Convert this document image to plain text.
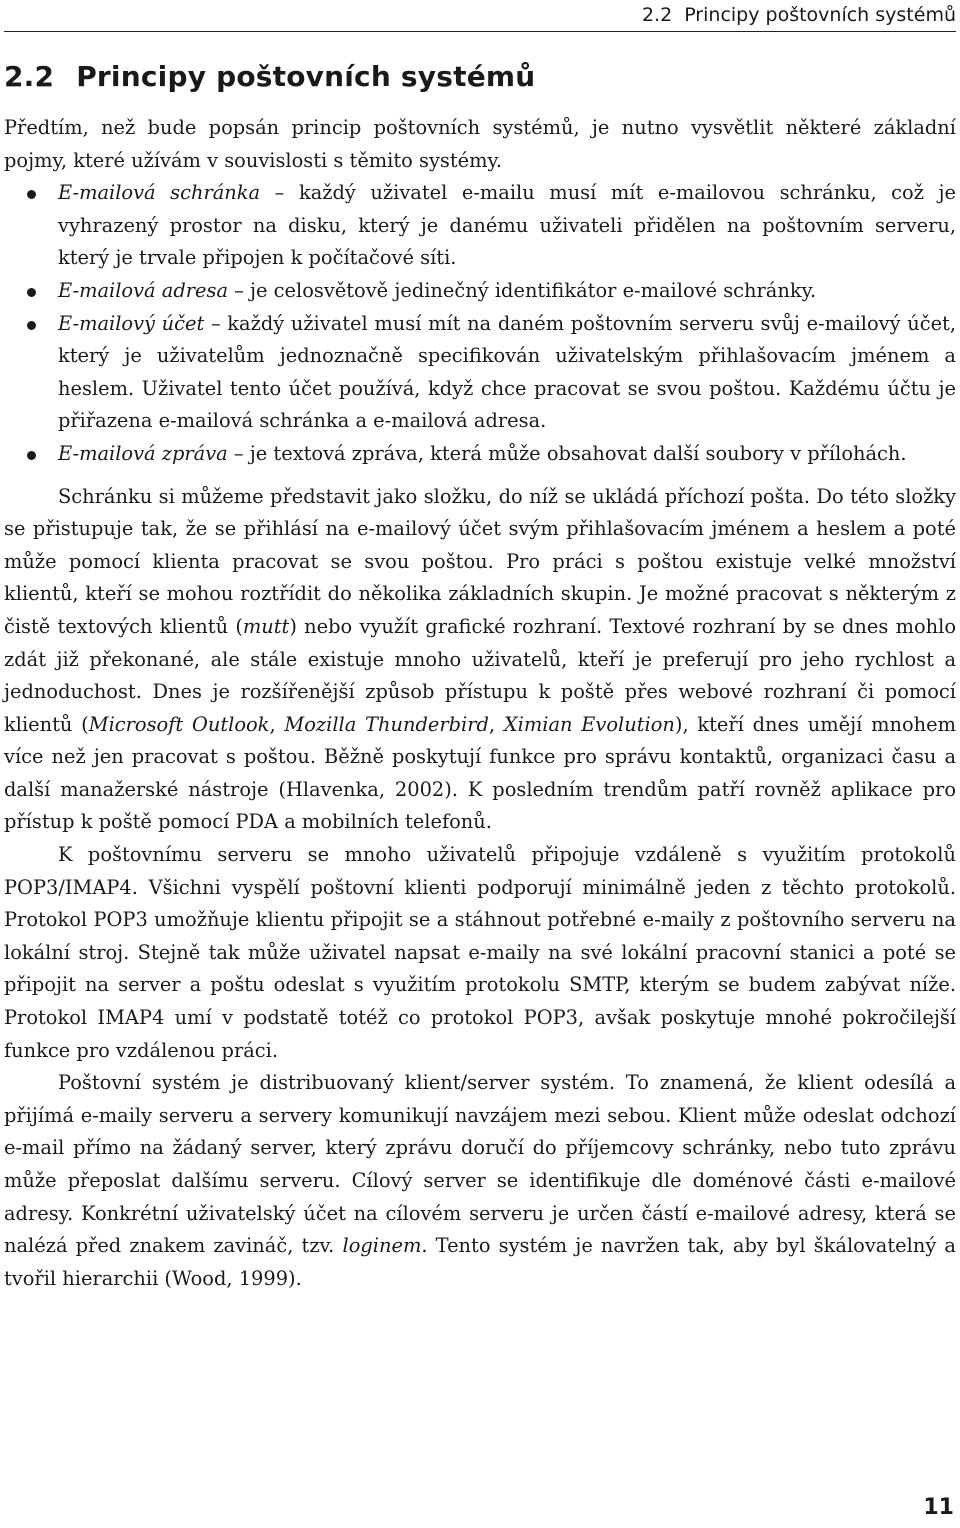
2.2 Principy poštovních systémů
2.2 Principy poštovních systémů

Předtím, než bude popsán princip poštovních systémů, je nutno vysvětlit některé základní pojmy, které užívám v souvislosti s těmito systémy.

E-mailová schránka – každý uživatel e-mailu musí mít e-mailovou schránku, což je vyhrazený prostor na disku, který je danému uživateli přidělen na poštovním serveru, který je trvale připojen k počítačové síti.
E-mailová adresa – je celosvětově jedinečný identifikátor e-mailové schránky.
E-mailový účet – každý uživatel musí mít na daném poštovním serveru svůj e-mailový účet, který je uživatelům jednoznačně specifikován uživatelským přihlašovacím jménem a heslem. Uživatel tento účet používá, když chce pracovat se svou poštou. Každému účtu je přiřazena e-mailová schránka a e-mailová adresa.
E-mailová zpráva – je textová zpráva, která může obsahovat další soubory v přílohách.

Schránku si můžeme představit jako složku, do níž se ukládá příchozí pošta. Do této složky se přistupuje tak, že se přihlásí na e-mailový účet svým přihlašovacím jménem a heslem a poté může pomocí klienta pracovat se svou poštou. Pro práci s poštou existuje velké množství klientů, kteří se mohou roztřídit do několika základních skupin. Je možné pracovat s některým z čistě textových klientů (mutt) nebo využít grafické rozhraní. Textové rozhraní by se dnes mohlo zdát již překonané, ale stále existuje mnoho uživatelů, kteří je preferují pro jeho rychlost a jednoduchost. Dnes je rozšířenější způsob přístupu k poště přes webové rozhraní či pomocí klientů (Microsoft Outlook, Mozilla Thunderbird, Ximian Evolution), kteří dnes umějí mnohem více než jen pracovat s poštou. Běžně poskytují funkce pro správu kontaktů, organizaci času a další manažerské nástroje (Hlavenka, 2002). K posledním trendům patří rovněž aplikace pro přístup k poště pomocí PDA a mobilních telefonů.

K poštovnímu serveru se mnoho uživatelů připojuje vzdáleně s využitím protokolů POP3/IMAP4. Všichni vyspělí poštovní klienti podporují minimálně jeden z těchto protokolů. Protokol POP3 umožňuje klientu připojit se a stáhnout potřebné e-maily z poštovního serveru na lokální stroj. Stejně tak může uživatel napsat e-maily na své lokální pracovní stanici a poté se připojit na server a poštu odeslat s využitím protokolu SMTP, kterým se budem zabývat níže. Protokol IMAP4 umí v podstatě totéž co protokol POP3, avšak poskytuje mnohé pokročilejší funkce pro vzdálenou práci.

Poštovní systém je distribuovaný klient/server systém. To znamená, že klient odesílá a přijímá e-maily serveru a servery komunikují navzájem mezi sebou. Klient může odeslat odchozí e-mail přímo na žádaný server, který zprávu doručí do příjemcovy schránky, nebo tuto zprávu může přeposlat dalšímu serveru. Cílový server se identifikuje dle doménové části e-mailové adresy. Konkrétní uživatelský účet na cílovém serveru je určen částí e-mailové adresy, která se nalézá před znakem zavináč, tzv. loginem. Tento systém je navržen tak, aby byl škálovatelný a tvořil hierarchii (Wood, 1999).

11
